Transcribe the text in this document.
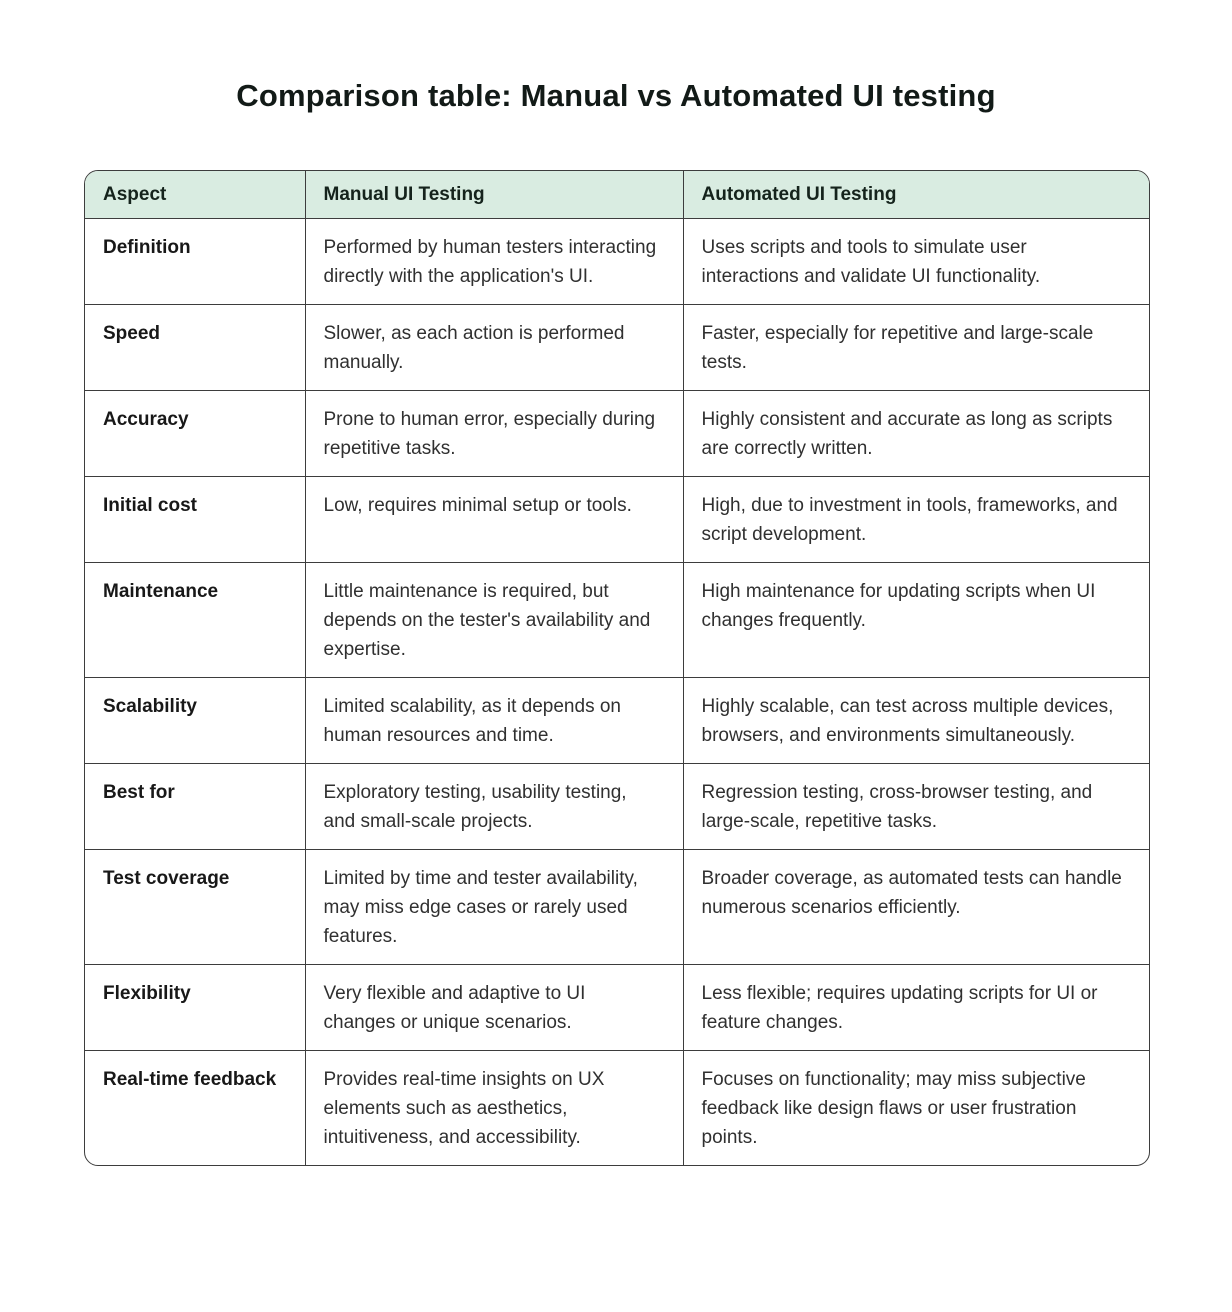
Comparison table: Manual vs Automated UI testing
Aspect	Manual UI Testing	Automated UI Testing
Definition	Performed by human testers interacting directly with the application's UI.	Uses scripts and tools to simulate user interactions and validate UI functionality.
Speed	Slower, as each action is performed manually.	Faster, especially for repetitive and large-scale tests.
Accuracy	Prone to human error, especially during repetitive tasks.	Highly consistent and accurate as long as scripts are correctly written.
Initial cost	Low, requires minimal setup or tools.	High, due to investment in tools, frameworks, and script development.
Maintenance	Little maintenance is required, but depends on the tester's availability and expertise.	High maintenance for updating scripts when UI changes frequently.
Scalability	Limited scalability, as it depends on human resources and time.	Highly scalable, can test across multiple devices, browsers, and environments simultaneously.
Best for	Exploratory testing, usability testing, and small-scale projects.	Regression testing, cross-browser testing, and large-scale, repetitive tasks.
Test coverage	Limited by time and tester availability, may miss edge cases or rarely used features.	Broader coverage, as automated tests can handle numerous scenarios efficiently.
Flexibility	Very flexible and adaptive to UI changes or unique scenarios.	Less flexible; requires updating scripts for UI or feature changes.
Real-time feedback	Provides real-time insights on UX elements such as aesthetics, intuitiveness, and accessibility.	Focuses on functionality; may miss subjective feedback like design flaws or user frustration points.
